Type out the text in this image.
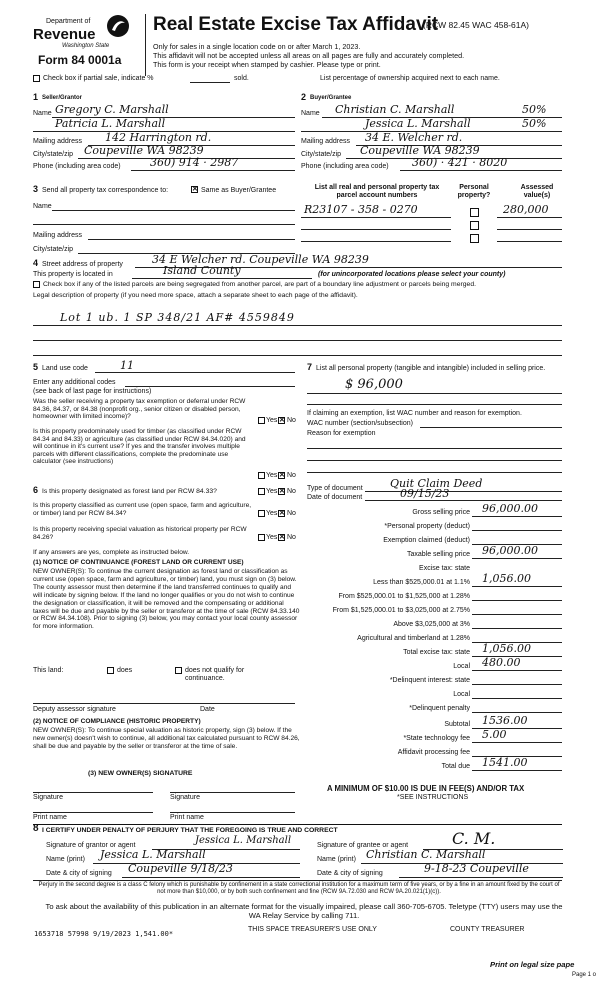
Department of
Revenue
Washington State
Form 84 0001a
Real Estate Excise Tax Affidavit
(RCW 82.45 WAC 458-61A)
Only for sales in a single location code on or after March 1, 2023.
This affidavit will not be accepted unless all areas on all pages are fully and accurately completed.
This form is your receipt when stamped by cashier. Please type or print.
Check box if partial sale, indicate %	sold.	List percentage of ownership acquired next to each name.
1 Seller/Grantor
Name Gregory C. Marshall
Patricia L. Marshall
Mailing address 142 Harrington rd.
City/state/zip Coupeville WA 98239
Phone (including area code)	360) 914 · 2987
2 Buyer/Grantee
Name Christian C. Marshall	50%
Jessica L. Marshall	50%
Mailing address 34 E. Welcher rd.
City/state/zip Coupeville WA 98239
Phone (including area code) 360) · 421 · 8020
3 Send all property tax correspondence to: ✕	Same as Buyer/Grantee
Name
Mailing address
City/state/zip
List all real and personal property tax parcel account numbers
Personal property?
Assessed value(s)
R23107 - 358 - 0270	280,000
4 Street address of property	34 E Welcher rd. Coupeville WA 98239
This property is located in	Island County	(for unincorporated locations please select your county)
Check box if any of the listed parcels are being segregated from another parcel, are part of a boundary line adjustment or parcels being merged.
Legal description of property (if you need more space, attach a separate sheet to each page of the affidavit).
Lot 1 ub. 1 SP 348/21 AF# 4559849
5 Land use code	11
Enter any additional codes
(see back of last page for instructions)
Was the seller receiving a property tax exemption or deferral under RCW 84.36, 84.37, or 84.38 (nonprofit org., senior citizen or disabled person, homeowner with limited income)?
Yes ✕ No
Is this property predominately used for timber (as classified under RCW 84.34 and 84.33) or agriculture (as classified under RCW 84.34.020) and will continue in it's current use? If yes and the transfer involves multiple parcels with different classifications, complete the predominate use calculator (see instructions)
Yes ✕ No
6 Is this property designated as forest land per RCW 84.33?	Yes ✕ No
Is this property classified as current use (open space, farm and agriculture, or timber) land per RCW 84.34?	Yes ✕ No
Is this property receiving special valuation as historical property per RCW 84.26?	Yes ✕ No
If any answers are yes, complete as instructed below.
(1) NOTICE OF CONTINUANCE (FOREST LAND OR CURRENT USE)
NEW OWNER(S): To continue the current designation as forest land or classification as current use (open space, farm and agriculture, or timber) land, you must sign on (3) below. The county assessor must then determine if the land transferred continues to qualify and will indicate by signing below. If the land no longer qualifies or you do not wish to continue the designation or classification, it will be removed and the compensating or additional taxes will be due and payable by the seller or transferor at the time of sale (RCW 84.33.140 or RCW 84.34.108). Prior to signing (3) below, you may contact your local county assessor for more information.
This land:	does	does not qualify for continuance.
Deputy assessor signature	Date
(2) NOTICE OF COMPLIANCE (HISTORIC PROPERTY)
NEW OWNER(S): To continue special valuation as historic property, sign (3) below. If the new owner(s) doesn't wish to continue, all additional tax calculated pursuant to RCW 84.26, shall be due and payable by the seller or transferor at the time of sale.
(3) NEW OWNER(S) SIGNATURE
Signature	Signature
Print name	Print name
7 List all personal property (tangible and intangible) included in selling price.
$ 96,000
If claiming an exemption, list WAC number and reason for exemption.
WAC number (section/subsection)
Reason for exemption
Type of document Quit Claim Deed
Date of document	09/15/23
Gross selling price 96,000.00
*Personal property (deduct)
Exemption claimed (deduct)
Taxable selling price 96,000.00
Excise tax: state
Less than $525,000.01 at 1.1% 1,056.00
From $525,000.01 to $1,525,000 at 1.28%
From $1,525,000.01 to $3,025,000 at 2.75%
Above $3,025,000 at 3%
Agricultural and timberland at 1.28%
Total excise tax: state 1,056.00
Local 480.00
*Delinquent interest: state
Local
*Delinquent penalty
Subtotal 1536.00
*State technology fee 5.00
Affidavit processing fee
Total due 1541.00
A MINIMUM OF $10.00 IS DUE IN FEE(S) AND/OR TAX
*SEE INSTRUCTIONS
8 I CERTIFY UNDER PENALTY OF PERJURY THAT THE FOREGOING IS TRUE AND CORRECT
Signature of grantor or agent	Jessica L. Marshall
Name (print) Jessica L. Marshall
Date & city of signing Coupeville 9/18/23
Signature of grantee or agent	C. M.
Name (print) Christian C. Marshall
Date & city of signing	9-18-23 Coupeville
Perjury in the second degree is a class C felony which is punishable by confinement in a state correctional institution for a maximum term of five years, or by a fine in an amount fixed by the court of not more than $10,000, or by both such confinement and fine (RCW 9A.72.030 and RCW 9A.20.021(1)(c)).
To ask about the availability of this publication in an alternate format for the visually impaired, please call 360-705-6705. Teletype (TTY) users may use the WA Relay Service by calling 711.
1653718 57998 9/19/2023 1,541.00*
THIS SPACE TREASURER'S USE ONLY	COUNTY TREASURER
Print on legal size pape
Page 1 o
